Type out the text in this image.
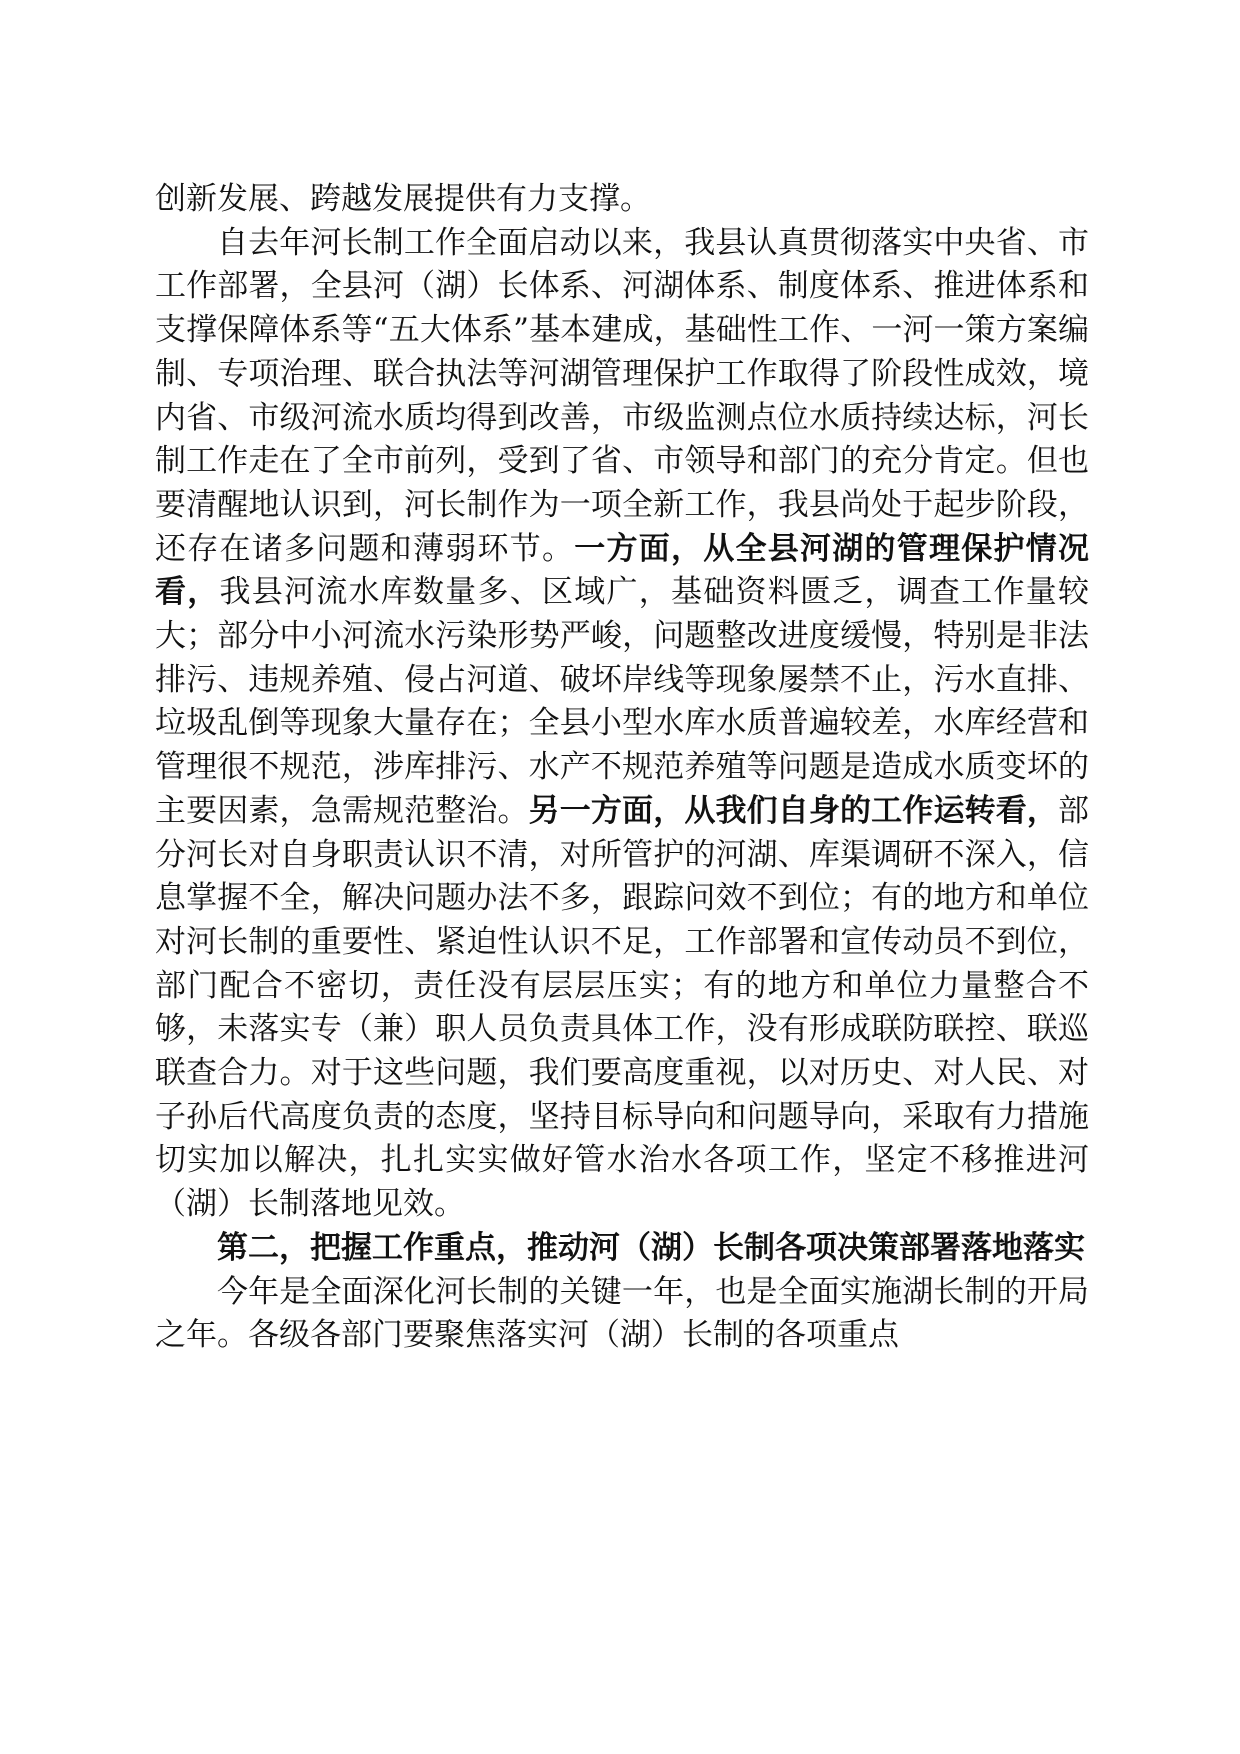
创新发展、跨越发展提供有力支撑。

自去年河长制工作全面启动以来，我县认真贯彻落实中央省、市工作部署，全县河（湖）长体系、河湖体系、制度体系、推进体系和支撑保障体系等“五大体系”基本建成，基础性工作、一河一策方案编制、专项治理、联合执法等河湖管理保护工作取得了阶段性成效，境内省、市级河流水质均得到改善，市级监测点位水质持续达标，河长制工作走在了全市前列，受到了省、市领导和部门的充分肯定。但也要清醒地认识到，河长制作为一项全新工作，我县尚处于起步阶段，还存在诸多问题和薄弱环节。一方面，从全县河湖的管理保护情况看，我县河流水库数量多、区域广，基础资料匮乏，调查工作量较大；部分中小河流水污染形势严峻，问题整改进度缓慢，特别是非法排污、违规养殖、侵占河道、破坏岸线等现象屡禁不止，污水直排、垃圾乱倒等现象大量存在；全县小型水库水质普遍较差，水库经营和管理很不规范，涉库排污、水产不规范养殖等问题是造成水质变坏的主要因素，急需规范整治。另一方面，从我们自身的工作运转看，部分河长对自身职责认识不清，对所管护的河湖、库渠调研不深入，信息掌握不全，解决问题办法不多，跟踪问效不到位；有的地方和单位对河长制的重要性、紧迫性认识不足，工作部署和宣传动员不到位，部门配合不密切，责任没有层层压实；有的地方和单位力量整合不够，未落实专（兼）职人员负责具体工作，没有形成联防联控、联巡联查合力。对于这些问题，我们要高度重视，以对历史、对人民、对子孙后代高度负责的态度，坚持目标导向和问题导向，采取有力措施切实加以解决，扎扎实实做好管水治水各项工作，坚定不移推进河（湖）长制落地见效。

第二，把握工作重点，推动河（湖）长制各项决策部署落地落实

今年是全面深化河长制的关键一年，也是全面实施湖长制的开局之年。各级各部门要聚焦落实河（湖）长制的各项重点
